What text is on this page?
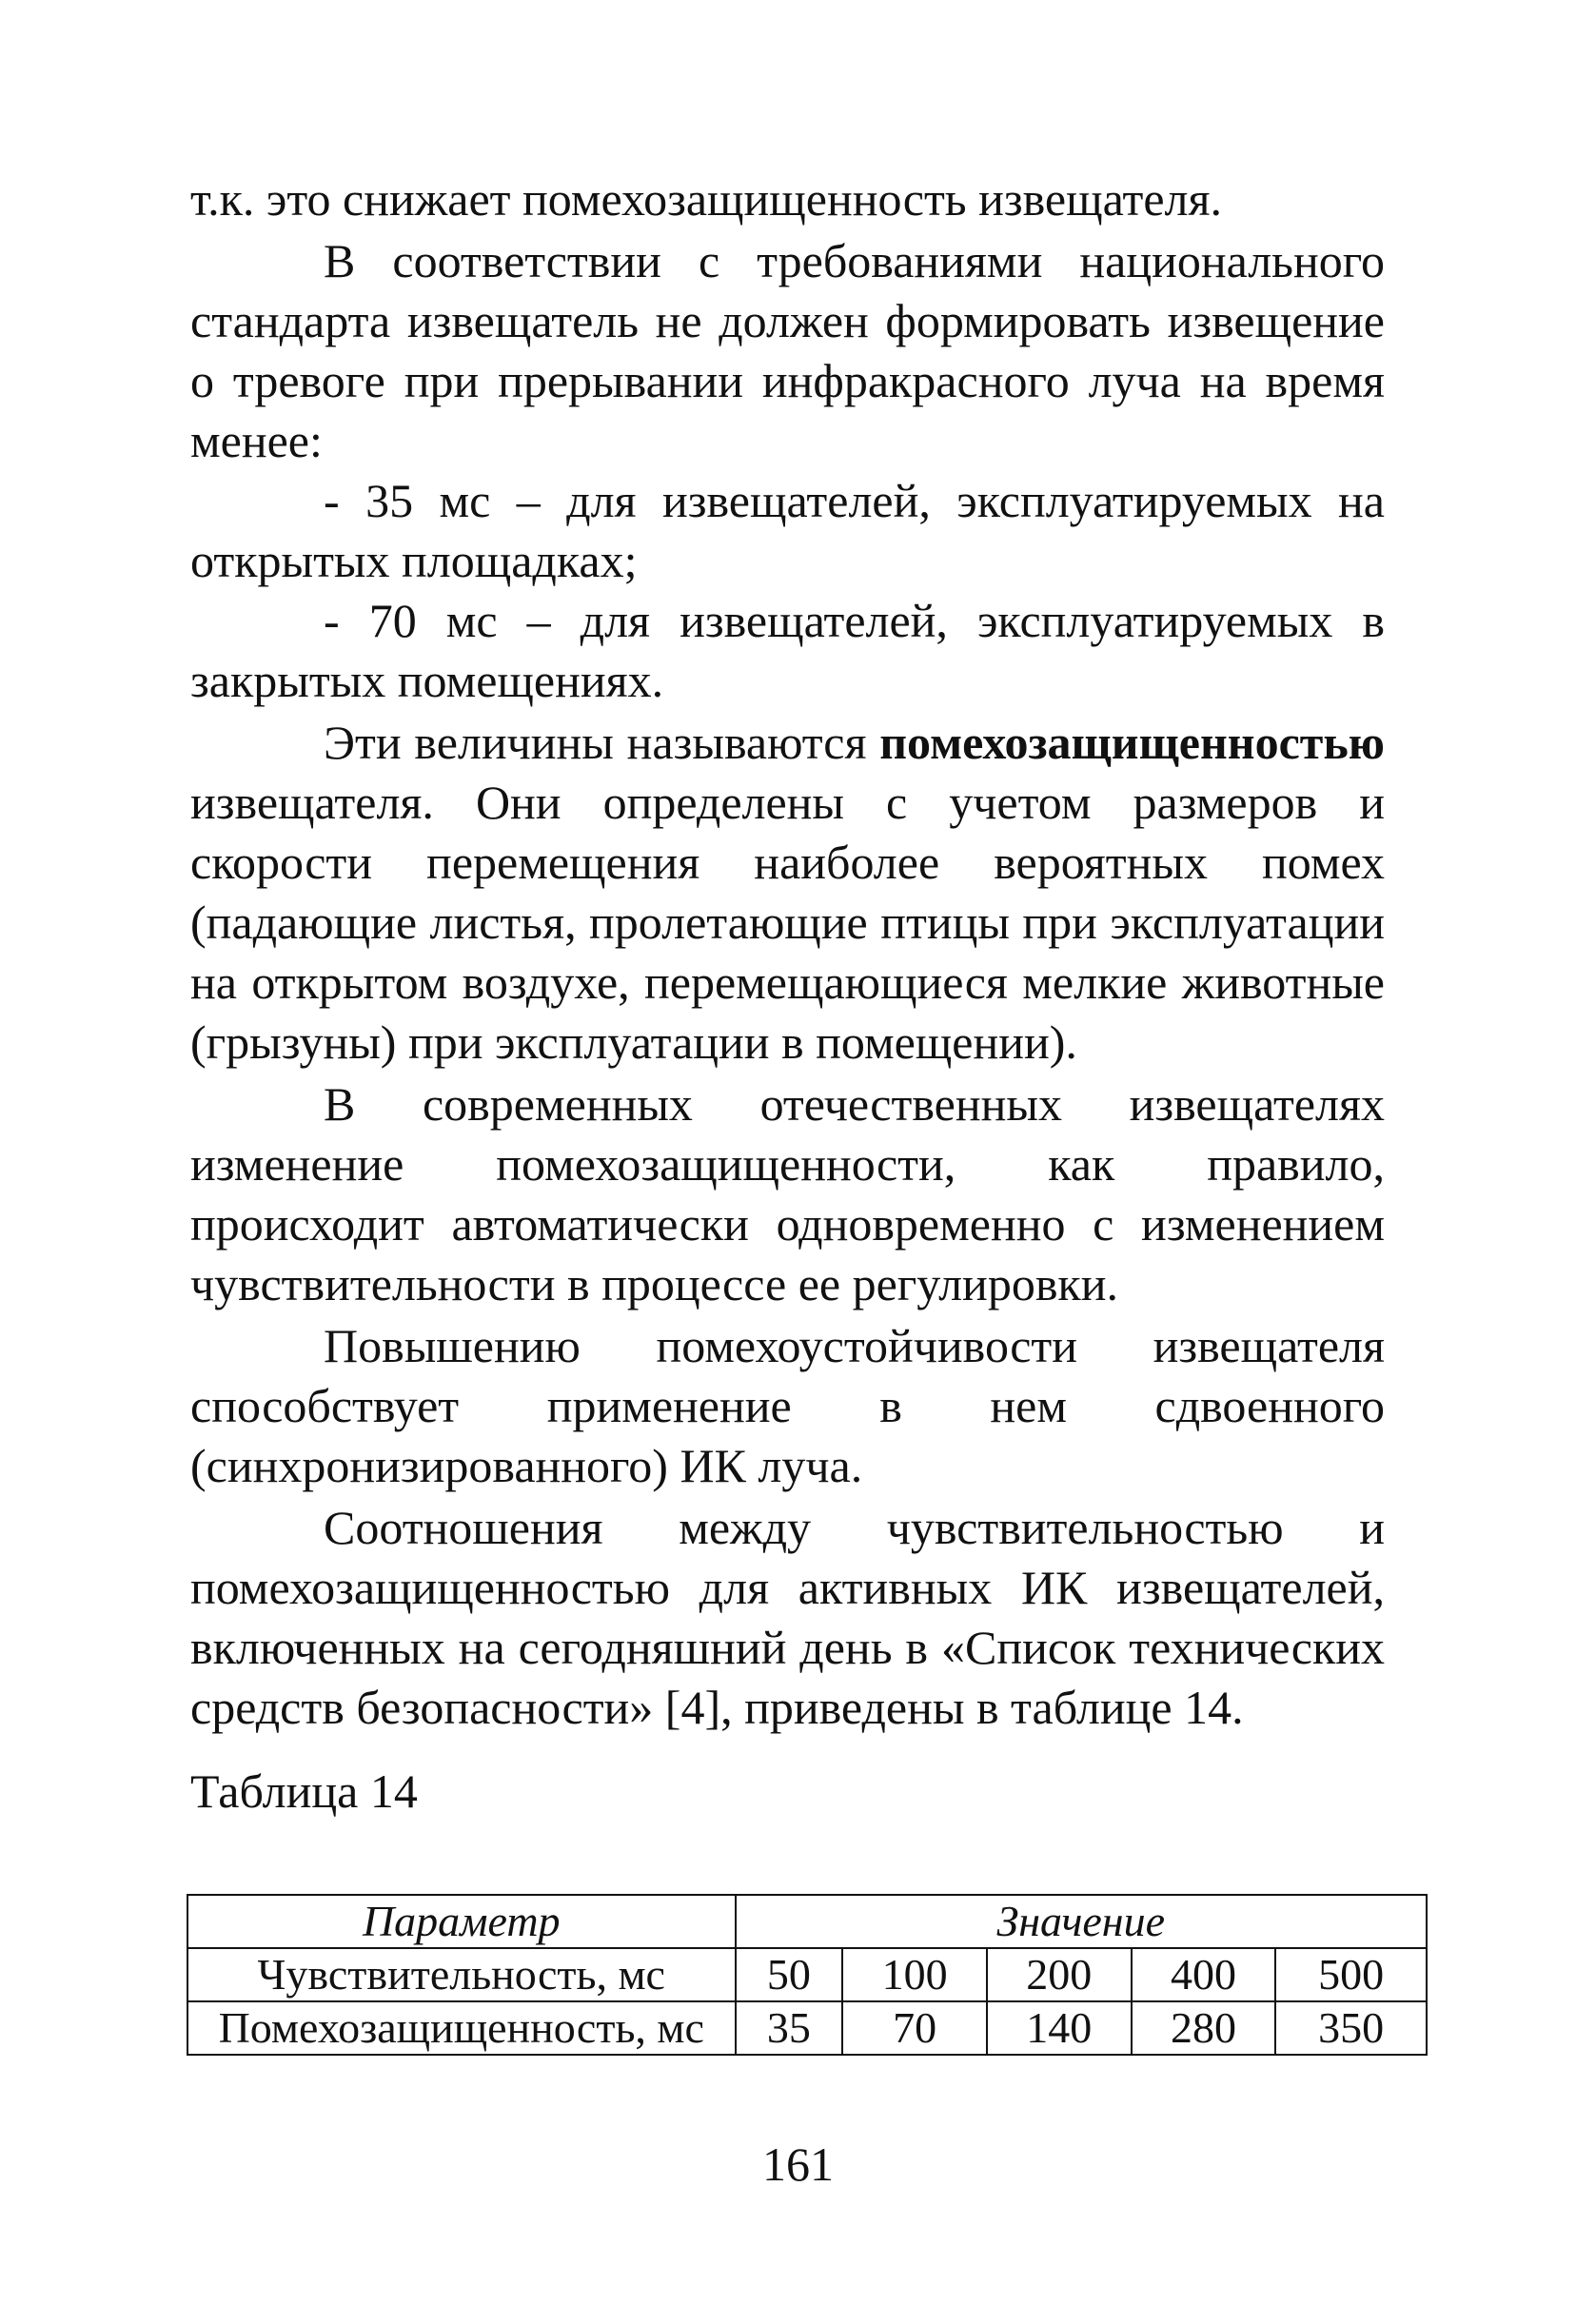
т.к. это снижает помехозащищенность извещателя.

В соответствии с требованиями национального стандарта извещатель не должен формировать извещение о тревоге при прерывании инфракрасного луча на время менее:

- 35 мс – для извещателей, эксплуатируемых на открытых площадках;

- 70 мс – для извещателей, эксплуатируемых в закрытых помещениях.

Эти величины называются помехозащищенностью извещателя. Они определены с учетом размеров и скорости перемещения наиболее вероятных помех (падающие листья, пролетающие птицы при эксплуатации на открытом воздухе, перемещающиеся мелкие животные (грызуны) при эксплуатации в помещении).

В современных отечественных извещателях изменение помехозащищенности, как правило, происходит автоматически одновременно с изменением чувствительности в процессе ее регулировки.

Повышению помехоустойчивости извещателя способствует применение в нем сдвоенного (синхронизированного) ИК луча.

Соотношения между чувствительностью и помехозащищенностью для активных ИК извещателей, включенных на сегодняшний день в «Список технических средств безопасности» [4], приведены в таблице 14.

Таблица 14
Параметр	Значение				
Чувствительность, мс	50	100	200	400	500
Помехозащищенность, мс	35	70	140	280	350
161
